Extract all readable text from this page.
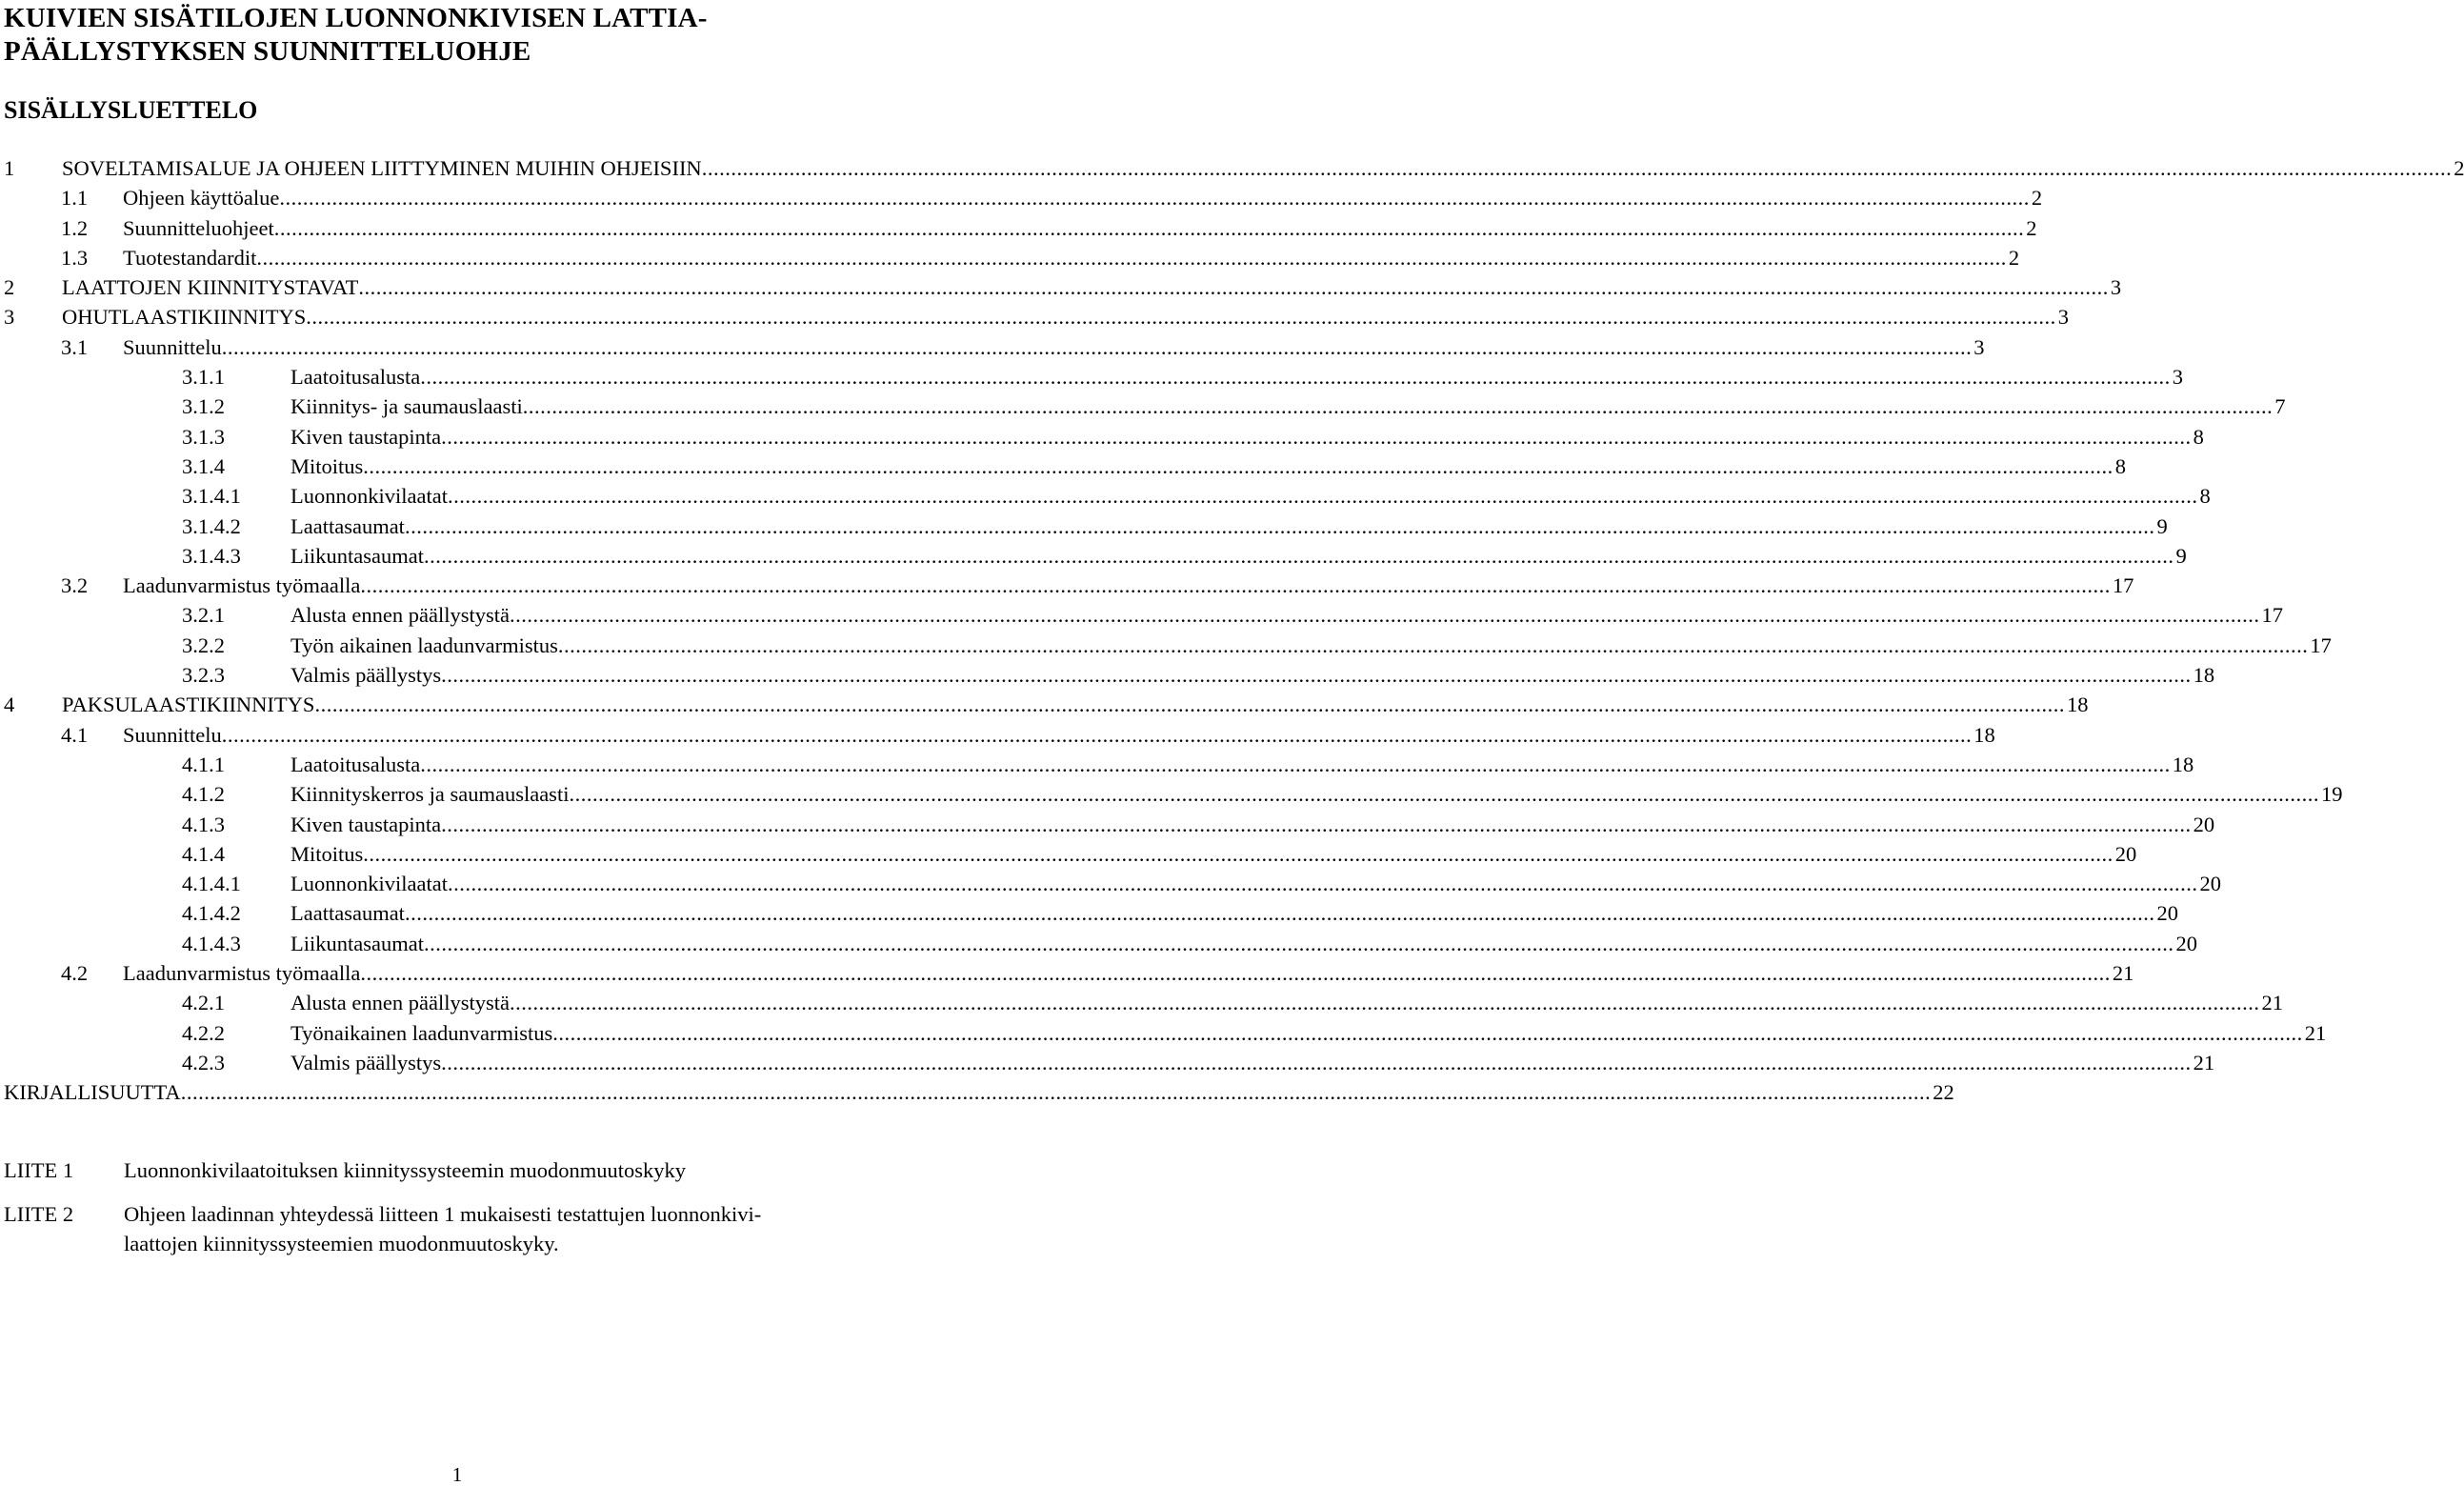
KUIVIEN SISÄTILOJEN LUONNONKIVISEN LATTIA-
PÄÄLLYSTYKSEN SUUNNITTELUOHJE
SISÄLLYSLUETTELO
1 SOVELTAMISALUE JA OHJEEN LIITTYMINEN MUIHIN OHJEISIIN ............................................................................................................................................................................................................................................................................................................ 2
1.1 Ohjeen käyttöalue ............................................................................................................................................................................................................................................................................................................ 2
1.2 Suunnitteluohjeet ............................................................................................................................................................................................................................................................................................................ 2
1.3 Tuotestandardit ............................................................................................................................................................................................................................................................................................................ 2
2 LAATTOJEN KIINNITYSTAVAT ............................................................................................................................................................................................................................................................................................................ 3
3 OHUTLAASTIKIINNITYS ............................................................................................................................................................................................................................................................................................................ 3
3.1 Suunnittelu ............................................................................................................................................................................................................................................................................................................ 3
3.1.1	Laatoitusalusta ............................................................................................................................................................................................................................................................................................................ 3
3.1.2	Kiinnitys- ja saumauslaasti ............................................................................................................................................................................................................................................................................................................ 7
3.1.3	Kiven taustapinta ............................................................................................................................................................................................................................................................................................................ 8
3.1.4	Mitoitus ............................................................................................................................................................................................................................................................................................................ 8
3.1.4.1 Luonnonkivilaatat ............................................................................................................................................................................................................................................................................................................ 8
3.1.4.2 Laattasaumat ............................................................................................................................................................................................................................................................................................................ 9
3.1.4.3 Liikuntasaumat ............................................................................................................................................................................................................................................................................................................ 9
3.2 Laadunvarmistus työmaalla ............................................................................................................................................................................................................................................................................................................ 17
3.2.1	Alusta ennen päällystystä ............................................................................................................................................................................................................................................................................................................ 17
3.2.2	Työn aikainen laadunvarmistus ............................................................................................................................................................................................................................................................................................................ 17
3.2.3	Valmis päällystys ............................................................................................................................................................................................................................................................................................................ 18
4 PAKSULAASTIKIINNITYS ............................................................................................................................................................................................................................................................................................................ 18
4.1 Suunnittelu ............................................................................................................................................................................................................................................................................................................ 18
4.1.1	Laatoitusalusta ............................................................................................................................................................................................................................................................................................................ 18
4.1.2	Kiinnityskerros ja saumauslaasti ............................................................................................................................................................................................................................................................................................................ 19
4.1.3	Kiven taustapinta ............................................................................................................................................................................................................................................................................................................ 20
4.1.4	Mitoitus ............................................................................................................................................................................................................................................................................................................ 20
4.1.4.1 Luonnonkivilaatat ............................................................................................................................................................................................................................................................................................................ 20
4.1.4.2 Laattasaumat ............................................................................................................................................................................................................................................................................................................ 20
4.1.4.3 Liikuntasaumat ............................................................................................................................................................................................................................................................................................................ 20
4.2 Laadunvarmistus työmaalla ............................................................................................................................................................................................................................................................................................................ 21
4.2.1	Alusta ennen päällystystä ............................................................................................................................................................................................................................................................................................................ 21
4.2.2	Työnaikainen laadunvarmistus ............................................................................................................................................................................................................................................................................................................ 21
4.2.3	Valmis päällystys ............................................................................................................................................................................................................................................................................................................ 21
KIRJALLISUUTTA ............................................................................................................................................................................................................................................................................................................ 22
LIITE 1 Luonnonkivilaatoituksen kiinnityssysteemin muodonmuutoskyky
LIITE 2 Ohjeen laadinnan yhteydessä liitteen 1 mukaisesti testattujen luonnonkivi-
laattojen kiinnityssysteemien muodonmuutoskyky.
1
